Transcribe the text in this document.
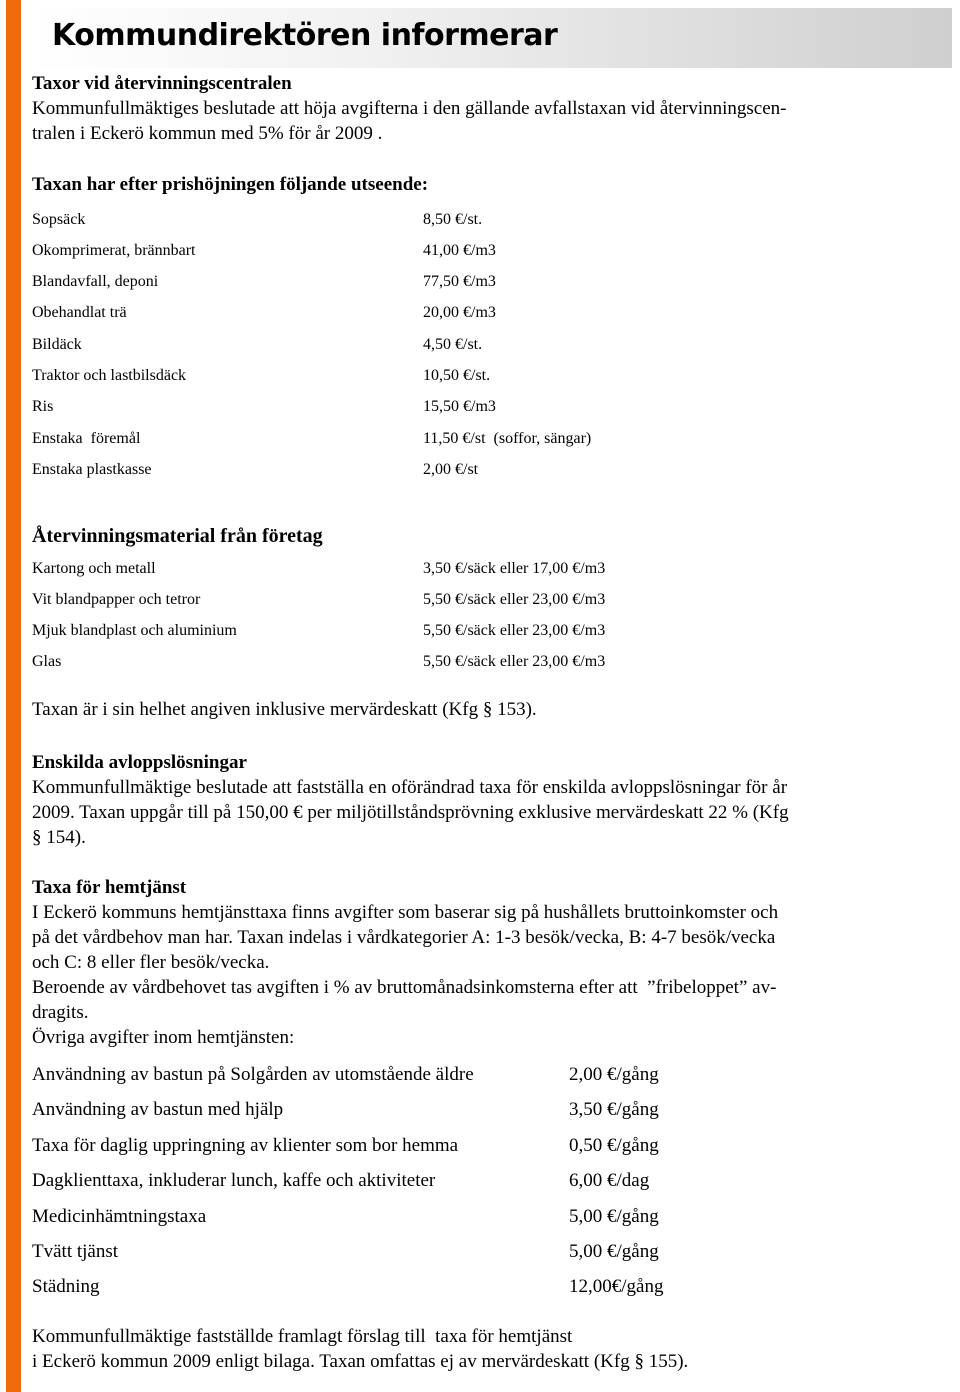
Kommundirektören informerar
Taxor vid återvinningscentralen
Kommunfullmäktiges beslutade att höja avgifterna i den gällande avfallstaxan vid återvinningscen-
tralen i Eckerö kommun med 5% för år 2009 .
Taxan har efter prishöjningen följande utseende:
Sopsäck	8,50 €/st.
Okomprimerat, brännbart	41,00 €/m3
Blandavfall, deponi	77,50 €/m3
Obehandlat trä	20,00 €/m3
Bildäck	4,50 €/st.
Traktor och lastbilsdäck	10,50 €/st.
Ris	15,50 €/m3
Enstaka  föremål	11,50 €/st  (soffor, sängar)
Enstaka plastkasse	2,00 €/st
Återvinningsmaterial från företag
Kartong och metall	3,50 €/säck eller 17,00 €/m3
Vit blandpapper och tetror	5,50 €/säck eller 23,00 €/m3
Mjuk blandplast och aluminium	5,50 €/säck eller 23,00 €/m3
Glas	5,50 €/säck eller 23,00 €/m3
Taxan är i sin helhet angiven inklusive mervärdeskatt (Kfg § 153).
Enskilda avloppslösningar
Kommunfullmäktige beslutade att fastställa en oförändrad taxa för enskilda avloppslösningar för år
2009. Taxan uppgår till på 150,00 € per miljötillståndsprövning exklusive mervärdeskatt 22 % (Kfg
§ 154).
Taxa för hemtjänst
I Eckerö kommuns hemtjänsttaxa finns avgifter som baserar sig på hushållets bruttoinkomster och
på det vårdbehov man har. Taxan indelas i vårdkategorier A: 1-3 besök/vecka, B: 4-7 besök/vecka
och C: 8 eller fler besök/vecka.
Beroende av vårdbehovet tas avgiften i % av bruttomånadsinkomsterna efter att  ”fribeloppet” av-
dragits.
Övriga avgifter inom hemtjänsten:
Användning av bastun på Solgården av utomstående äldre	2,00 €/gång
Användning av bastun med hjälp	3,50 €/gång
Taxa för daglig uppringning av klienter som bor hemma	0,50 €/gång
Dagklienttaxa, inkluderar lunch, kaffe och aktiviteter	6,00 €/dag
Medicinhämtningstaxa	5,00 €/gång
Tvätt tjänst	5,00 €/gång
Städning	12,00€/gång
Kommunfullmäktige fastställde framlagt förslag till  taxa för hemtjänst
i Eckerö kommun 2009 enligt bilaga. Taxan omfattas ej av mervärdeskatt (Kfg § 155).
